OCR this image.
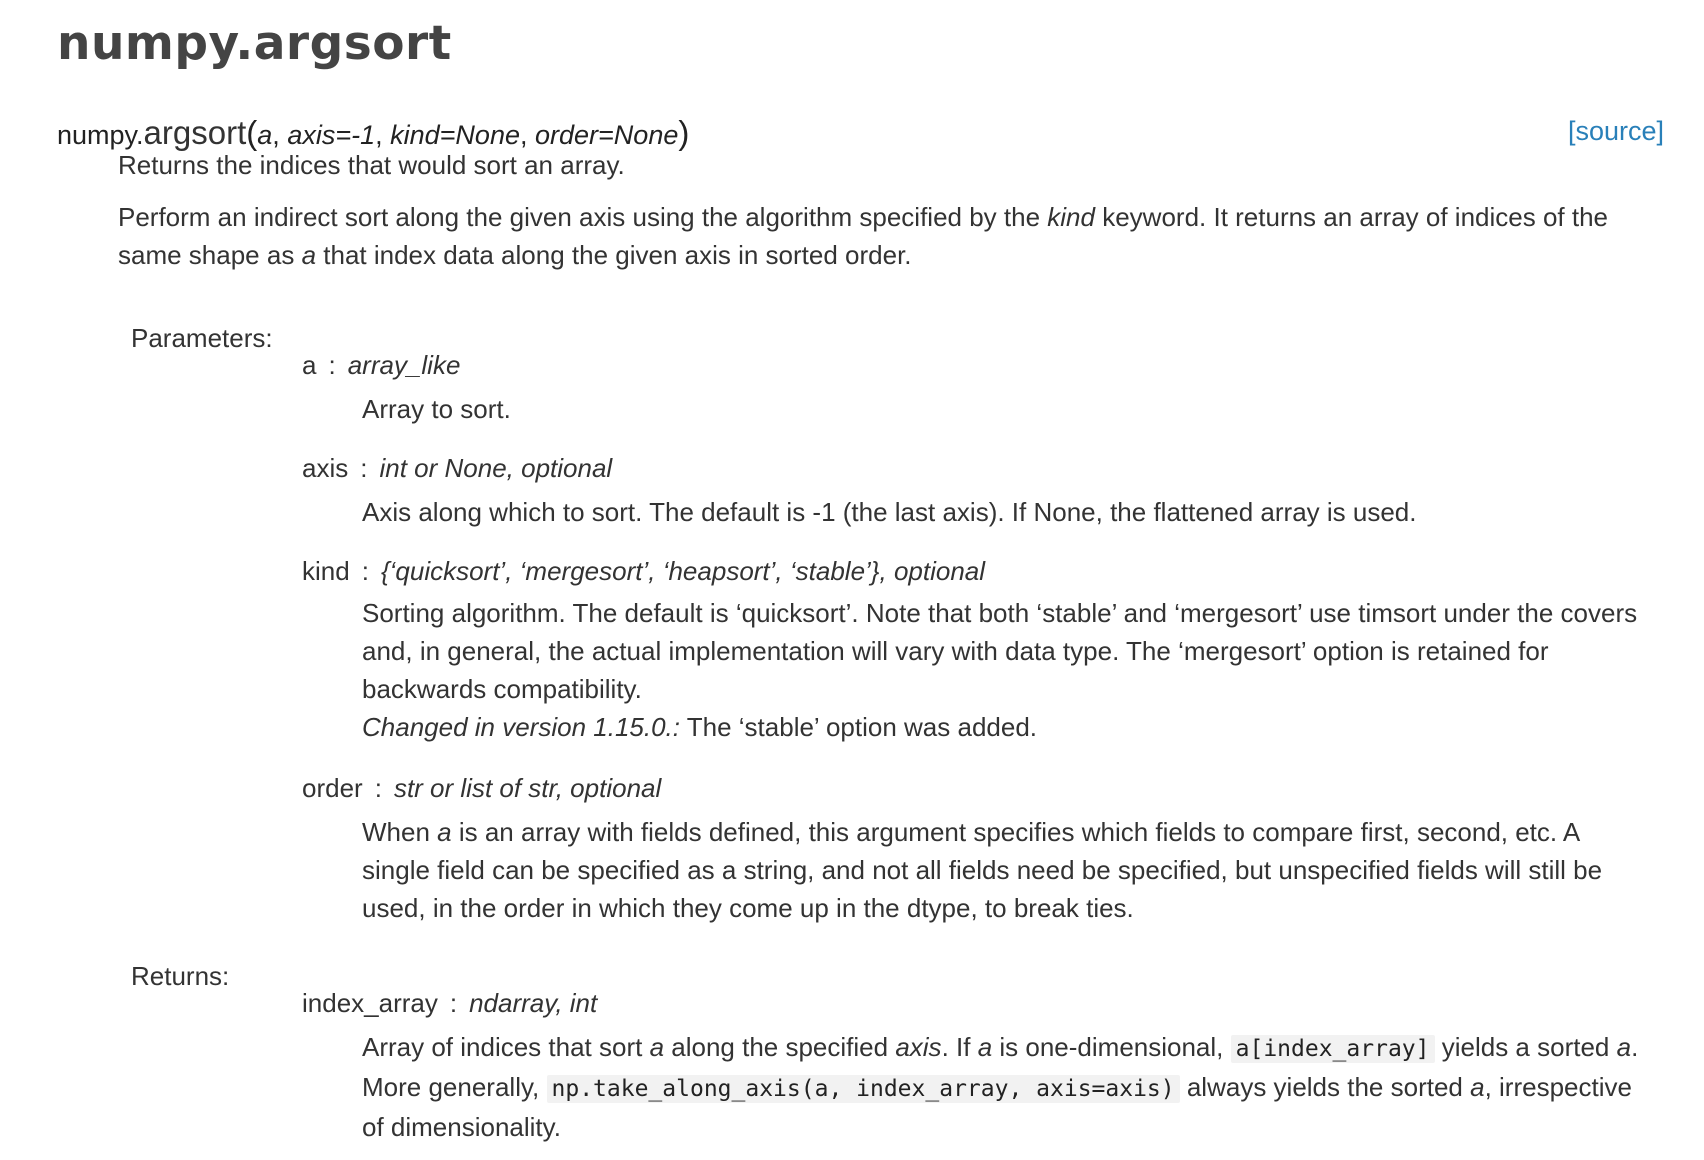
numpy.argsort
numpy.argsort(a, axis=-1, kind=None, order=None)	[source]

Returns the indices that would sort an array.

Perform an indirect sort along the given axis using the algorithm specified by the kind keyword. It returns an array of indices of the same shape as a that index data along the given axis in sorted order.

Parameters:
a : array_like

Array to sort.

axis : int or None, optional

Axis along which to sort. The default is -1 (the last axis). If None, the flattened array is used.

kind : {‘quicksort’, ‘mergesort’, ‘heapsort’, ‘stable’}, optional

Sorting algorithm. The default is ‘quicksort’. Note that both ‘stable’ and ‘mergesort’ use timsort under the covers and, in general, the actual implementation will vary with data type. The ‘mergesort’ option is retained for backwards compatibility.
Changed in version 1.15.0.: The ‘stable’ option was added.

order : str or list of str, optional

When a is an array with fields defined, this argument specifies which fields to compare first, second, etc. A single field can be specified as a string, and not all fields need be specified, but unspecified fields will still be used, in the order in which they come up in the dtype, to break ties.

Returns:
index_array : ndarray, int

Array of indices that sort a along the specified axis. If a is one-dimensional, a[index_array] yields a sorted a. More generally, np.take_along_axis(a, index_array, axis=axis) always yields the sorted a, irrespective of dimensionality.
